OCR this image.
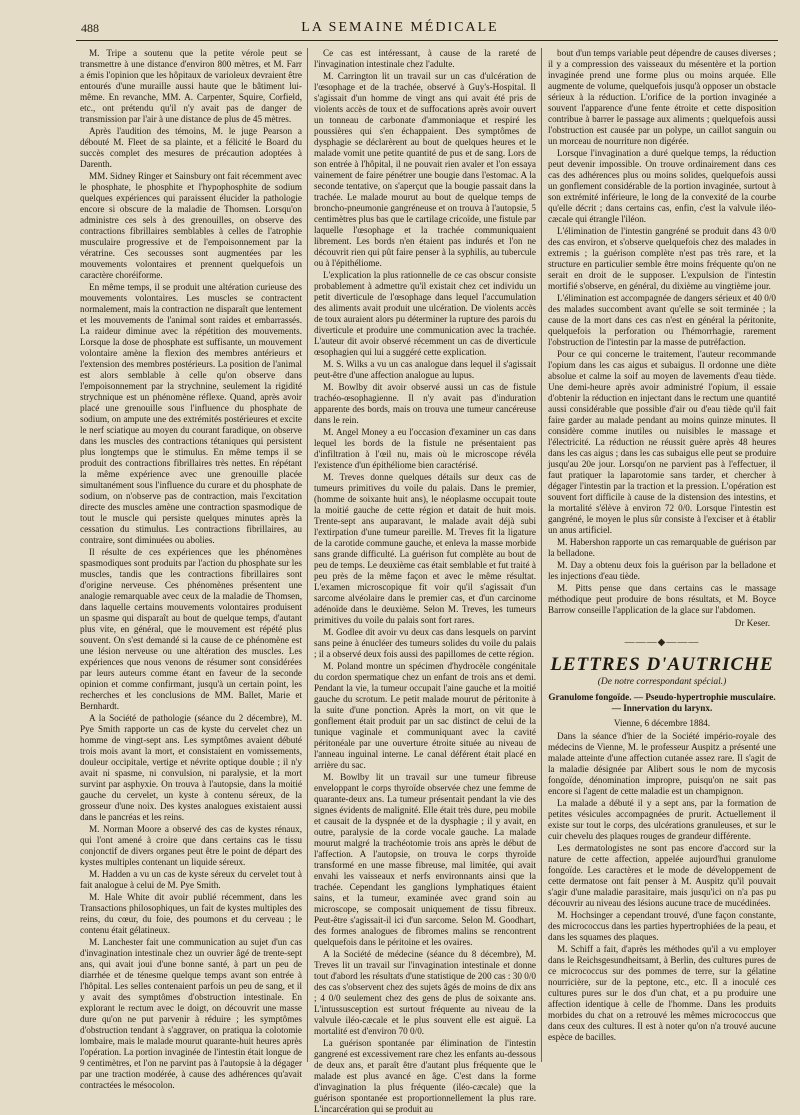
488	LA SEMAINE MÉDICALE

M. Tripe a soutenu que la petite vérole peut se transmettre à une distance d'environ 800 mètres, et M. Farr a émis l'opinion que les hôpitaux de varioleux devraient être entourés d'une muraille aussi haute que le bâtiment lui-même. En revanche, MM. A. Carpenter, Squire, Corfield, etc., ont prétendu qu'il n'y avait pas de danger de transmission par l'air à une distance de plus de 45 mètres.

Après l'audition des témoins, M. le juge Pearson a débouté M. Fleet de sa plainte, et a félicité le Board du succès complet des mesures de précaution adoptées à Darenth.

MM. Sidney Ringer et Sainsbury ont fait récemment avec le phosphate, le phosphite et l'hypophosphite de sodium quelques expériences qui paraissent élucider la pathologie encore si obscure de la maladie de Thomsen. Lorsqu'on administre ces sels à des grenouilles, on observe des contractions fibrillaires semblables à celles de l'atrophie musculaire progressive et de l'empoisonnement par la vératrine. Ces secousses sont augmentées par les mouvements volontaires et prennent quelquefois un caractère choréiforme.

En même temps, il se produit une altération curieuse des mouvements volontaires. Les muscles se contractent normalement, mais la contraction ne disparaît que lentement et les mouvements de l'animal sont raides et embarrassés. La raideur diminue avec la répétition des mouvements. Lorsque la dose de phosphate est suffisante, un mouvement volontaire amène la flexion des membres antérieurs et l'extension des membres postérieurs. La position de l'animal est alors semblable à celle qu'on observe dans l'empoisonnement par la strychnine, seulement la rigidité strychnique est un phénomène réflexe. Quand, après avoir placé une grenouille sous l'influence du phosphate de sodium, on ampute une des extrémités postérieures et excite le nerf sciatique au moyen du courant faradique, on observe dans les muscles des contractions tétaniques qui persistent plus longtemps que le stimulus. En même temps il se produit des contractions fibrillaires très nettes. En répétant la même expérience avec une grenouille placée simultanément sous l'influence du curare et du phosphate de sodium, on n'observe pas de contraction, mais l'excitation directe des muscles amène une contraction spasmodique de tout le muscle qui persiste quelques minutes après la cessation du stimulus. Les contractions fibrillaires, au contraire, sont diminuées ou abolies.

Il résulte de ces expériences que les phénomènes spasmodiques sont produits par l'action du phosphate sur les muscles, tandis que les contractions fibrillaires sont d'origine nerveuse. Ces phénomènes présentent une analogie remarquable avec ceux de la maladie de Thomsen, dans laquelle certains mouvements volontaires produisent un spasme qui disparaît au bout de quelque temps, d'autant plus vite, en général, que le mouvement est répété plus souvent. On s'est demandé si la cause de ce phénomène est une lésion nerveuse ou une altération des muscles. Les expériences que nous venons de résumer sont considérées par leurs auteurs comme étant en faveur de la seconde opinion et comme confirmant, jusqu'à un certain point, les recherches et les conclusions de MM. Ballet, Marie et Bernhardt.

A la Société de pathologie (séance du 2 décembre), M. Pye Smith rapporte un cas de kyste du cervelet chez un homme de vingt-sept ans. Les symptômes avaient débuté trois mois avant la mort, et consistaient en vomissements, douleur occipitale, vertige et névrite optique double ; il n'y avait ni spasme, ni convulsion, ni paralysie, et la mort survint par asphyxie. On trouva à l'autopsie, dans la moitié gauche du cervelet, un kyste à contenu séreux, de la grosseur d'une noix. Des kystes analogues existaient aussi dans le pancréas et les reins.

M. Norman Moore a observé des cas de kystes rénaux, qui l'ont amené à croire que dans certains cas le tissu conjonctif de divers organes peut être le point de départ des kystes multiples contenant un liquide séreux.

M. Hadden a vu un cas de kyste séreux du cervelet tout à fait analogue à celui de M. Pye Smith.

M. Hale White dit avoir publié récemment, dans les Transactions philosophiques, un fait de kystes multiples des reins, du cœur, du foie, des poumons et du cerveau ; le contenu était gélatineux.

M. Lanchester fait une communication au sujet d'un cas d'invagination intestinale chez un ouvrier âgé de trente-sept ans, qui avait joui d'une bonne santé, à part un peu de diarrhée et de ténesme quelque temps avant son entrée à l'hôpital. Les selles contenaient parfois un peu de sang, et il y avait des symptômes d'obstruction intestinale. En explorant le rectum avec le doigt, on découvrit une masse dure qu'on ne put parvenir à réduire ; les symptômes d'obstruction tendant à s'aggraver, on pratiqua la colotomie lombaire, mais le malade mourut quarante-huit heures après l'opération. La portion invaginée de l'intestin était longue de 9 centimètres, et l'on ne parvint pas à l'autopsie à la dégager par une traction modérée, à cause des adhérences qu'avait contractées le mésocolon.

Ce cas est intéressant, à cause de la rareté de l'invagination intestinale chez l'adulte.

M. Carrington lit un travail sur un cas d'ulcération de l'œsophage et de la trachée, observé à Guy's-Hospital. Il s'agissait d'un homme de vingt ans qui avait été pris de violents accès de toux et de suffocations après avoir ouvert un tonneau de carbonate d'ammoniaque et respiré les poussières qui s'en échappaient. Des symptômes de dysphagie se déclarèrent au bout de quelques heures et le malade vomit une petite quantité de pus et de sang. Lors de son entrée à l'hôpital, il ne pouvait rien avaler et l'on essaya vainement de faire pénétrer une bougie dans l'estomac. A la seconde tentative, on s'aperçut que la bougie passait dans la trachée. Le malade mourut au bout de quelque temps de broncho-pneumonie gangréneuse et on trouva à l'autopsie, 5 centimètres plus bas que le cartilage cricoïde, une fistule par laquelle l'œsophage et la trachée communiquaient librement. Les bords n'en étaient pas indurés et l'on ne découvrit rien qui pût faire penser à la syphilis, au tubercule ou à l'épithéliome.

L'explication la plus rationnelle de ce cas obscur consiste probablement à admettre qu'il existait chez cet individu un petit diverticule de l'œsophage dans lequel l'accumulation des aliments avait produit une ulcération. De violents accès de toux auraient alors pu déterminer la rupture des parois du diverticule et produire une communication avec la trachée. L'auteur dit avoir observé récemment un cas de diverticule œsophagien qui lui a suggéré cette explication.

M. S. Wilks a vu un cas analogue dans lequel il s'agissait peut-être d'une affection analogue au lupus.

M. Bowlby dit avoir observé aussi un cas de fistule trachéo-œsophagienne. Il n'y avait pas d'induration apparente des bords, mais on trouva une tumeur cancéreuse dans le rein.

M. Angel Money a eu l'occasion d'examiner un cas dans lequel les bords de la fistule ne présentaient pas d'infiltration à l'œil nu, mais où le microscope révéla l'existence d'un épithéliome bien caractérisé.

M. Treves donne quelques détails sur deux cas de tumeurs primitives du voile du palais. Dans le premier, (homme de soixante huit ans), le néoplasme occupait toute la moitié gauche de cette région et datait de huit mois. Trente-sept ans auparavant, le malade avait déjà subi l'extirpation d'une tumeur pareille. M. Treves fit la ligature de la carotide commune gauche, et enleva la masse morbide sans grande difficulté. La guérison fut complète au bout de peu de temps. Le deuxième cas était semblable et fut traité à peu près de la même façon et avec le même résultat. L'examen microscopique fit voir qu'il s'agissait d'un sarcome alvéolaire dans le premier cas, et d'un carcinome adénoïde dans le deuxième. Selon M. Treves, les tumeurs primitives du voile du palais sont fort rares.

M. Godlee dit avoir vu deux cas dans lesquels on parvint sans peine à énucléer des tumeurs solides du voile du palais ; il a observé deux fois aussi des papillomes de cette région.

M. Poland montre un spécimen d'hydrocèle congénitale du cordon spermatique chez un enfant de trois ans et demi. Pendant la vie, la tumeur occupait l'aine gauche et la moitié gauche du scrotum. Le petit malade mourut de péritonite à la suite d'une ponction. Après la mort, on vit que le gonflement était produit par un sac distinct de celui de la tunique vaginale et communiquant avec la cavité péritonéale par une ouverture étroite située au niveau de l'anneau inguinal interne. Le canal déférent était placé en arrière du sac.

M. Bowlby lit un travail sur une tumeur fibreuse enveloppant le corps thyroïde observée chez une femme de quarante-deux ans. La tumeur présentait pendant la vie des signes évidents de malignité. Elle était très dure, peu mobile et causait de la dyspnée et de la dysphagie ; il y avait, en outre, paralysie de la corde vocale gauche. La malade mourut malgré la trachéotomie trois ans après le début de l'affection. A l'autopsie, on trouva le corps thyroïde transformé en une masse fibreuse, mal limitée, qui avait envahi les vaisseaux et nerfs environnants ainsi que la trachée. Cependant les ganglions lymphatiques étaient sains, et la tumeur, examinée avec grand soin au microscope, se composait uniquement de tissu fibreux. Peut-être s'agissait-il ici d'un sarcome. Selon M. Goodhart, des formes analogues de fibromes malins se rencontrent quelquefois dans le péritoine et les ovaires.

A la Société de médecine (séance du 8 décembre), M. Treves lit un travail sur l'invagination intestinale et donne tout d'abord les résultats d'une statistique de 200 cas : 30 0/0 des cas s'observent chez des sujets âgés de moins de dix ans ; 4 0/0 seulement chez des gens de plus de soixante ans. L'intussusception est surtout fréquente au niveau de la valvule iléo-cæcale et le plus souvent elle est aiguë. La mortalité est d'environ 70 0/0.

La guérison spontanée par élimination de l'intestin gangrené est excessivement rare chez les enfants au-dessous de deux ans, et paraît être d'autant plus fréquente que le malade est plus avancé en âge. C'est dans la forme d'invagination la plus fréquente (iléo-cæcale) que la guérison spontanée est proportionnellement la plus rare. L'incarcération qui se produit au

bout d'un temps variable peut dépendre de causes diverses ; il y a compression des vaisseaux du mésentère et la portion invaginée prend une forme plus ou moins arquée. Elle augmente de volume, quelquefois jusqu'à opposer un obstacle sérieux à la réduction. L'orifice de la portion invaginée a souvent l'apparence d'une fente étroite et cette disposition contribue à barrer le passage aux aliments ; quelquefois aussi l'obstruction est causée par un polype, un caillot sanguin ou un morceau de nourriture non digérée.

Lorsque l'invagination a duré quelque temps, la réduction peut devenir impossible. On trouve ordinairement dans ces cas des adhérences plus ou moins solides, quelquefois aussi un gonflement considérable de la portion invaginée, surtout à son extrémité inférieure, le long de la convexité de la courbe qu'elle décrit ; dans certains cas, enfin, c'est la valvule iléo-cæcale qui étrangle l'iléon.

L'élimination de l'intestin gangréné se produit dans 43 0/0 des cas environ, et s'observe quelquefois chez des malades in extremis ; la guérison complète n'est pas très rare, et la structure en particulier semble être moins fréquente qu'on ne serait en droit de le supposer. L'expulsion de l'intestin mortifié s'observe, en général, du dixième au vingtième jour.

L'élimination est accompagnée de dangers sérieux et 40 0/0 des malades succombent avant qu'elle se soit terminée ; la cause de la mort dans ces cas n'est en général la péritonite, quelquefois la perforation ou l'hémorrhagie, rarement l'obstruction de l'intestin par la masse de putréfaction.

Pour ce qui concerne le traitement, l'auteur recommande l'opium dans les cas aigus et subaigus. Il ordonne une diète absolue et calme la soif au moyen de lavements d'eau tiède. Une demi-heure après avoir administré l'opium, il essaie d'obtenir la réduction en injectant dans le rectum une quantité aussi considérable que possible d'air ou d'eau tiède qu'il fait faire garder au malade pendant au moins quinze minutes. Il considère comme inutiles ou nuisibles le massage et l'électricité. La réduction ne réussit guère après 48 heures dans les cas aigus ; dans les cas subaigus elle peut se produire jusqu'au 20e jour. Lorsqu'on ne parvient pas à l'effectuer, il faut pratiquer la laparotomie sans tarder, et chercher à dégager l'intestin par la traction et la pression. L'opération est souvent fort difficile à cause de la distension des intestins, et la mortalité s'élève à environ 72 0/0. Lorsque l'intestin est gangréné, le moyen le plus sûr consiste à l'exciser et à établir un anus artificiel.

M. Habershon rapporte un cas remarquable de guérison par la belladone.

M. Day a obtenu deux fois la guérison par la belladone et les injections d'eau tiède.

M. Pitts pense que dans certains cas le massage méthodique peut produire de bons résultats, et M. Boyce Barrow conseille l'application de la glace sur l'abdomen.

Dr Keser.
———◆———
LETTRES D'AUTRICHE
(De notre correspondant spécial.)
Granulome fongoïde. — Pseudo-hypertrophie musculaire. — Innervation du larynx.
Vienne, 6 décembre 1884.

Dans la séance d'hier de la Société império-royale des médecins de Vienne, M. le professeur Auspitz a présenté une malade atteinte d'une affection cutanée assez rare. Il s'agit de la maladie désignée par Alibert sous le nom de mycosis fongoïde, dénomination impropre, puisqu'on ne sait pas encore si l'agent de cette maladie est un champignon.

La malade a débuté il y a sept ans, par la formation de petites vésicules accompagnées de prurit. Actuellement il existe sur tout le corps, des ulcérations granuleuses, et sur le cuir chevelu des plaques rouges de grandeur différente.

Les dermatologistes ne sont pas encore d'accord sur la nature de cette affection, appelée aujourd'hui granulome fongoïde. Les caractères et le mode de développement de cette dermatose ont fait penser à M. Auspitz qu'il pouvait s'agir d'une maladie parasitaire, mais jusqu'ici on n'a pas pu découvrir au niveau des lésions aucune trace de mucédinées.

M. Hochsinger a cependant trouvé, d'une façon constante, des micrococcus dans les parties hypertrophiées de la peau, et dans les squames des plaques.

M. Schiff a fait, d'après les méthodes qu'il a vu employer dans le Reichsgesundheitsamt, à Berlin, des cultures pures de ce micrococcus sur des pommes de terre, sur la gélatine nourricière, sur de la peptone, etc., etc. Il a inoculé ces cultures pures sur le dos d'un chat, et a pu produire une affection identique à celle de l'homme. Dans les produits morbides du chat on a retrouvé les mêmes micrococcus que dans ceux des cultures. Il est à noter qu'on n'a trouvé aucune espèce de bacilles.
